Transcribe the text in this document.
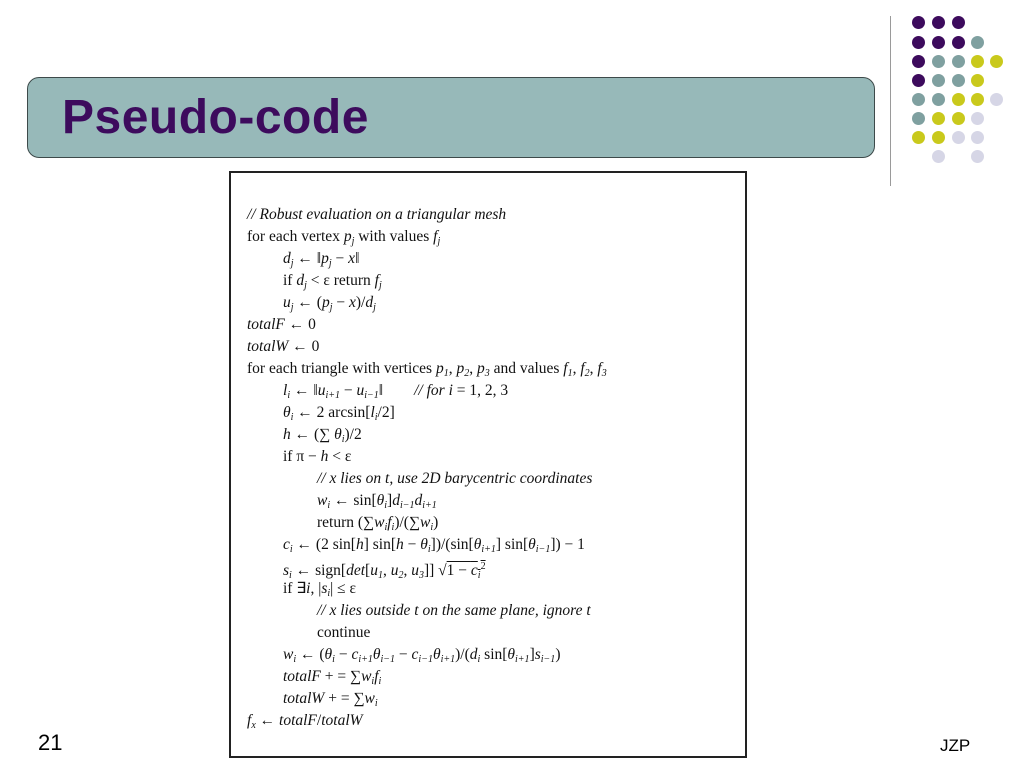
Pseudo-code
// Robust evaluation on a triangular mesh
for each vertex $p_j$ with values $f_j$
$d_j$ ← $‖p_j$ − x‖
if $d_j < \varepsilon$ return $f_j$
$u_j$ ← $(p_j - x)/d_j$
totalF ← 0
totalW ← 0
for each triangle with vertices $p_1$, $p_2$, $p_3$ and values $f_1$, $f_2$, $f_3$
$l_i$ ← $‖u_{i+1}$ − $u_{i-1}‖$        // for i = 1, 2, 3
$\theta_i$ ← 2 $\arcsin[l_i/2]$
h ← (∑ $\theta_i)/2$
if π − h < ε
// x lies on t, use 2D barycentric coordinates
$w_i$ ← $\sin[\theta_i]d_{i-1}d_{i+1}$
return $(\sum w_if_i)/(\sum w_i)$
$c_i$ ← (2 sin[h] $\sin[h - \theta_i])/(\sin[\theta_{i+1}]$ $\sin[\theta_{i-1}]) - 1$
$s_i$ ← $sign[\det[u_1$, $u_2$, $u_3$]] $√1 - c_i^2$
if ∃i, $|s_i| \le \varepsilon$
// x lies outside t on the same plane, ignore t
continue
$w_i$ ← $(\theta_i - c_{i+1}\theta_{i-1} - c_{i-1}\theta_{i+1})/(d_i$ $\sin[\theta_{i+1}]s_{i-1}$)
totalF + = $\sum w_if_i$
totalW + = $\sum w_i$
$f_x$ ← totalF/totalW
21	JZP
